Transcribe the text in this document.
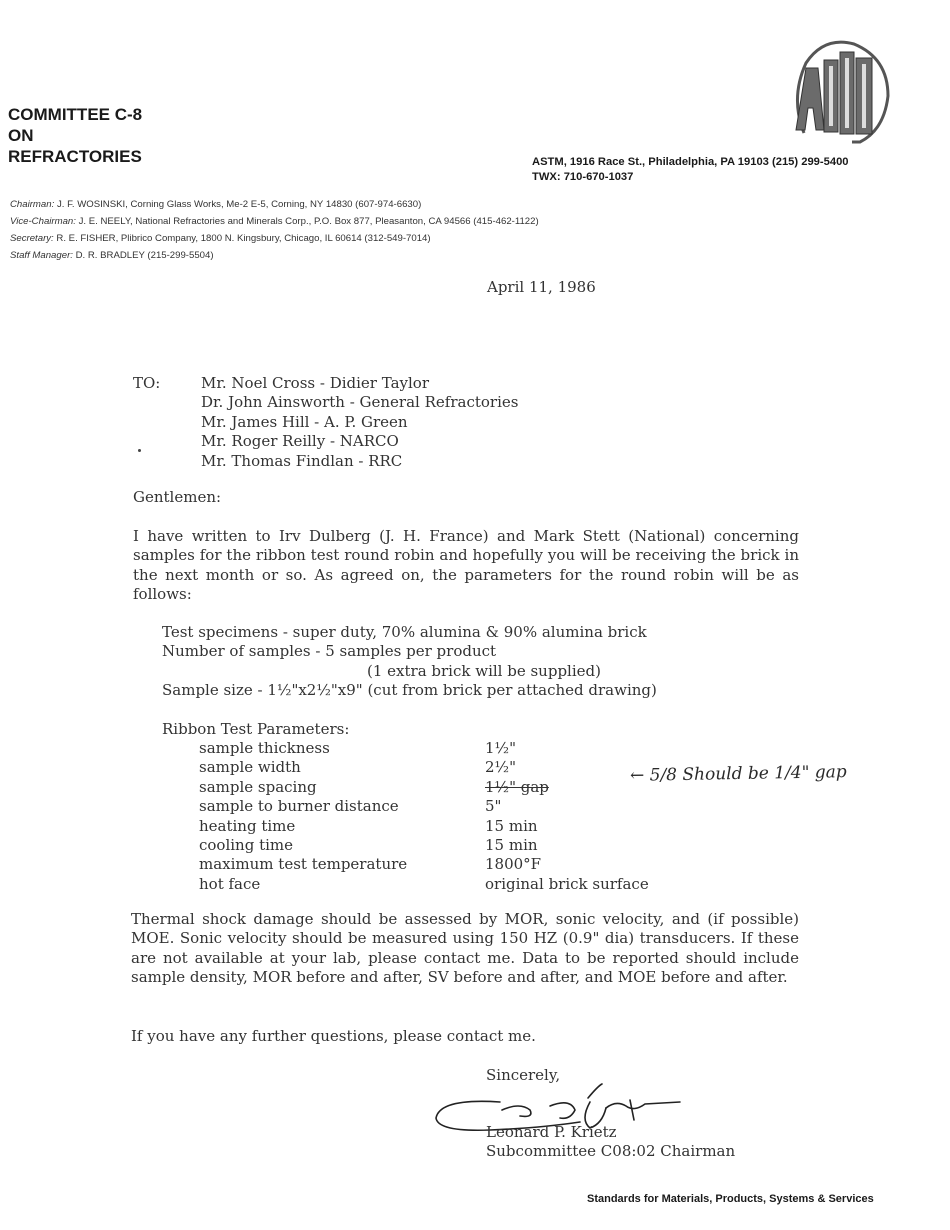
COMMITTEE C-8
ON
REFRACTORIES
ASTM
ASTM, 1916 Race St., Philadelphia, PA 19103 (215) 299-5400
TWX: 710-670-1037
Chairman: J. F. WOSINSKI, Corning Glass Works, Me-2 E-5, Corning, NY 14830 (607-974-6630)
Vice-Chairman: J. E. NEELY, National Refractories and Minerals Corp., P.O. Box 877, Pleasanton, CA 94566 (415-462-1122)
Secretary: R. E. FISHER, Plibrico Company, 1800 N. Kingsbury, Chicago, IL 60614 (312-549-7014)
Staff Manager: D. R. BRADLEY (215-299-5504)
April 11, 1986
TO:	Mr. Noel Cross - Didier Taylor
Dr. John Ainsworth - General Refractories
Mr. James Hill - A. P. Green
Mr. Roger Reilly - NARCO
Mr. Thomas Findlan - RRC
Gentlemen:
I have written to Irv Dulberg (J. H. France) and Mark Stett (National) concerning samples for the ribbon test round robin and hopefully you will be receiving the brick in the next month or so. As agreed on, the parameters for the round robin will be as follows:
Test specimens - super duty, 70% alumina & 90% alumina brick
Number of samples - 5 samples per product
(1 extra brick will be supplied)
Sample size - 1½"x2½"x9" (cut from brick per attached drawing)
Ribbon Test Parameters:
sample thickness
sample width
sample spacing
sample to burner distance
heating time
cooling time
maximum test temperature
hot face
1½"
2½"
1½" gap
5"
15 min
15 min
1800°F
original brick surface
← 5/8 Should be 1/4" gap
Thermal shock damage should be assessed by MOR, sonic velocity, and (if possible) MOE. Sonic velocity should be measured using 150 HZ (0.9" dia) transducers. If these are not available at your lab, please contact me. Data to be reported should include sample density, MOR before and after, SV before and after, and MOE before and after.
If you have any further questions, please contact me.
Sincerely,
Leonard P. Krietz
Subcommittee C08:02 Chairman
Standards for Materials, Products, Systems & Services
